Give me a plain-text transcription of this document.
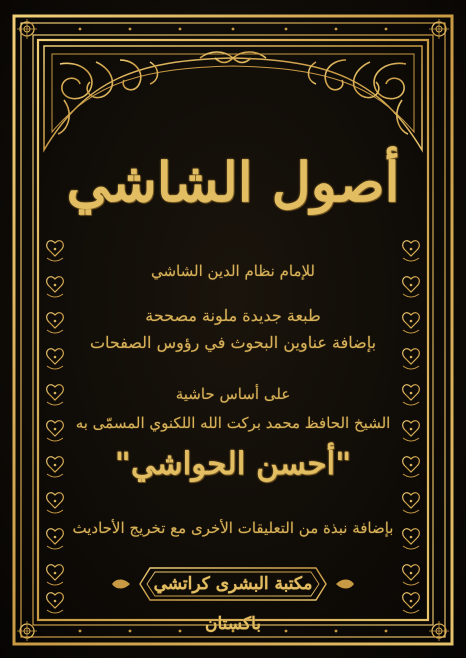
أصول الشاشي
للإمام نظام الدين الشاشي
طبعة جديدة ملونة مصححة
بإضافة عناوين البحوث في رؤوس الصفحات
على أساس حاشية
الشيخ الحافظ محمد بركت الله اللكنوي المسمّى به
"أحسن الحواشي"
بإضافة نبذة من التعليقات الأخرى مع تخريج الأحاديث
مكتبة البشرى كراتشي باكستان
